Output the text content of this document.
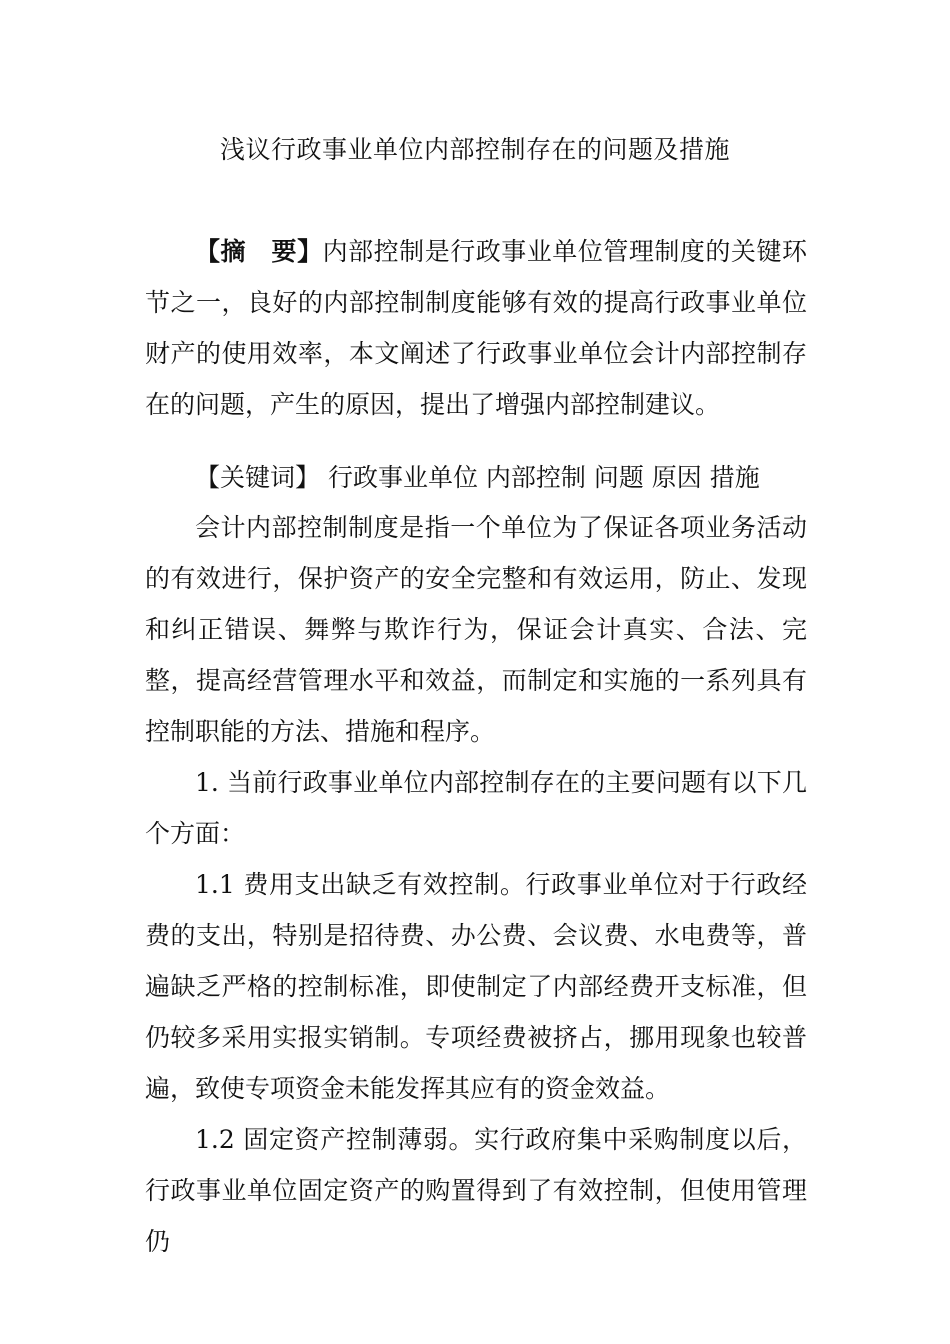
浅议行政事业单位内部控制存在的问题及措施

【摘　要】内部控制是行政事业单位管理制度的关键环节之一，良好的内部控制制度能够有效的提高行政事业单位财产的使用效率，本文阐述了行政事业单位会计内部控制存在的问题，产生的原因，提出了增强内部控制建议。

【关键词】 行政事业单位 内部控制 问题 原因 措施

会计内部控制制度是指一个单位为了保证各项业务活动的有效进行，保护资产的安全完整和有效运用，防止、发现和纠正错误、舞弊与欺诈行为，保证会计真实、合法、完整，提高经营管理水平和效益，而制定和实施的一系列具有控制职能的方法、措施和程序。

1. 当前行政事业单位内部控制存在的主要问题有以下几个方面：

1.1 费用支出缺乏有效控制。行政事业单位对于行政经费的支出，特别是招待费、办公费、会议费、水电费等，普遍缺乏严格的控制标准，即使制定了内部经费开支标准，但仍较多采用实报实销制。专项经费被挤占，挪用现象也较普遍，致使专项资金未能发挥其应有的资金效益。

1.2 固定资产控制薄弱。实行政府集中采购制度以后，行政事业单位固定资产的购置得到了有效控制，但使用管理仍
